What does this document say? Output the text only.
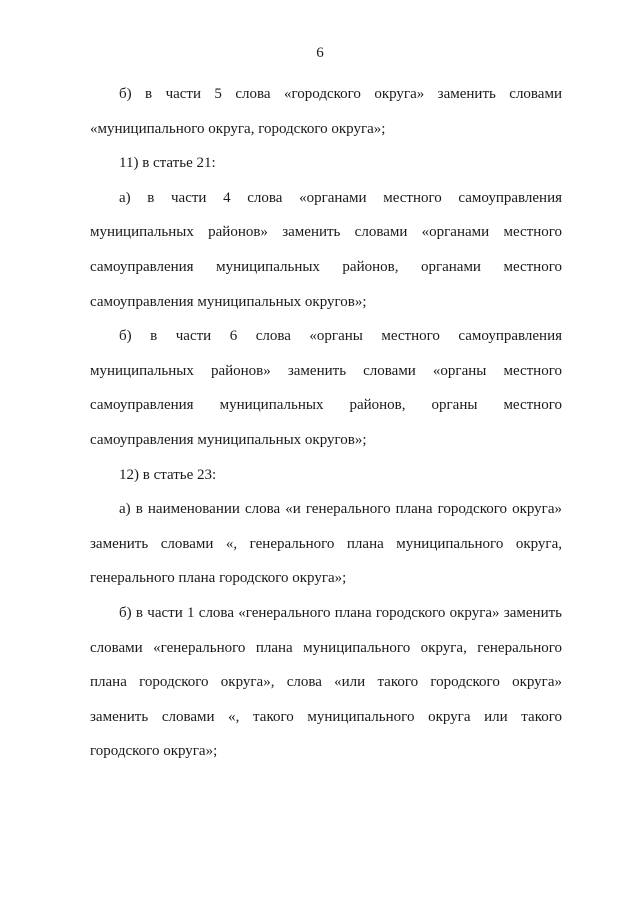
6

б) в части 5 слова «городского округа» заменить словами «муниципального округа, городского округа»;

11) в статье 21:

а) в части 4 слова «органами местного самоуправления муниципальных районов» заменить словами «органами местного самоуправления муниципальных районов, органами местного самоуправления муниципальных округов»;

б) в части 6 слова «органы местного самоуправления муниципальных районов» заменить словами «органы местного самоуправления муниципальных районов, органы местного самоуправления муниципальных округов»;

12) в статье 23:

а) в наименовании слова «и генерального плана городского округа» заменить словами «, генерального плана муниципального округа, генерального плана городского округа»;

б) в части 1 слова «генерального плана городского округа» заменить словами «генерального плана муниципального округа, генерального плана городского округа», слова «или такого городского округа» заменить словами «, такого муниципального округа или такого городского округа»;
